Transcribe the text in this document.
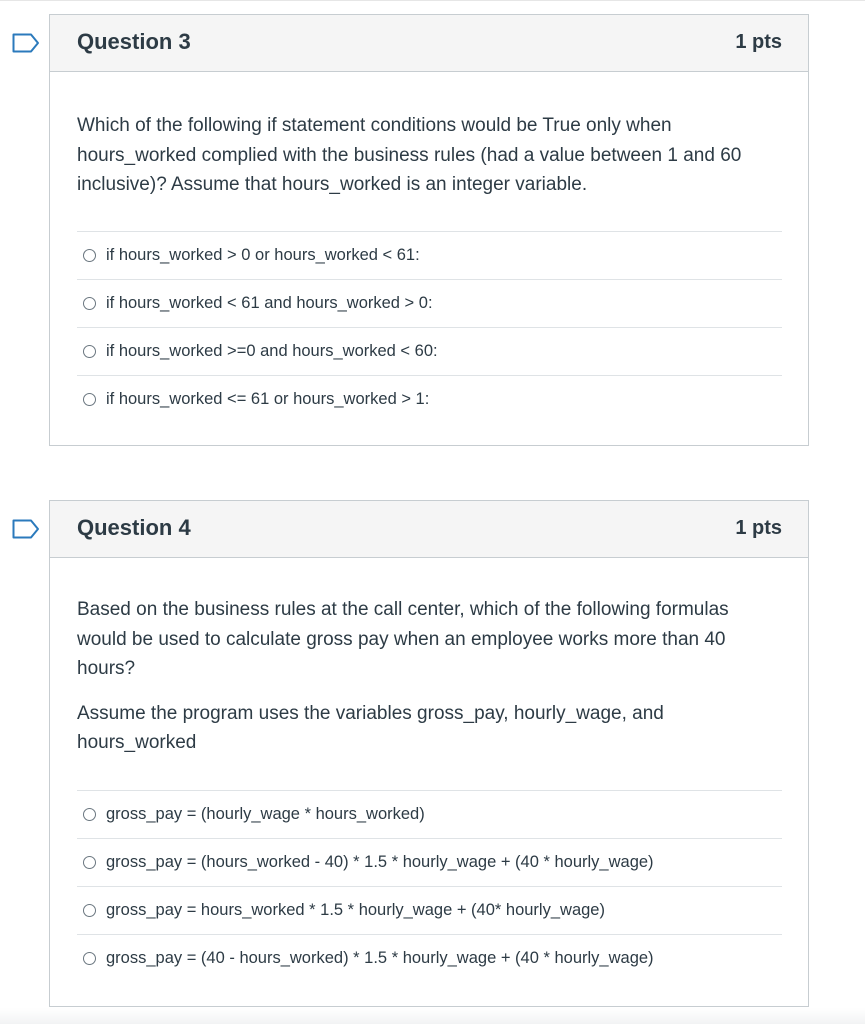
Question 3	1 pts

Which of the following if statement conditions would be True only when hours_worked complied with the business rules (had a value between 1 and 60 inclusive)? Assume that hours_worked is an integer variable.

if hours_worked > 0 or hours_worked < 61:
if hours_worked < 61 and hours_worked > 0:
if hours_worked >=0 and hours_worked < 60:
if hours_worked <= 61 or hours_worked > 1:
Question 4	1 pts

Based on the business rules at the call center, which of the following formulas would be used to calculate gross pay when an employee works more than 40 hours?

Assume the program uses the variables gross_pay, hourly_wage, and hours_worked

gross_pay = (hourly_wage * hours_worked)
gross_pay = (hours_worked - 40) * 1.5 * hourly_wage + (40 * hourly_wage)
gross_pay = hours_worked * 1.5 * hourly_wage + (40* hourly_wage)
gross_pay = (40 - hours_worked) * 1.5 * hourly_wage + (40 * hourly_wage)
